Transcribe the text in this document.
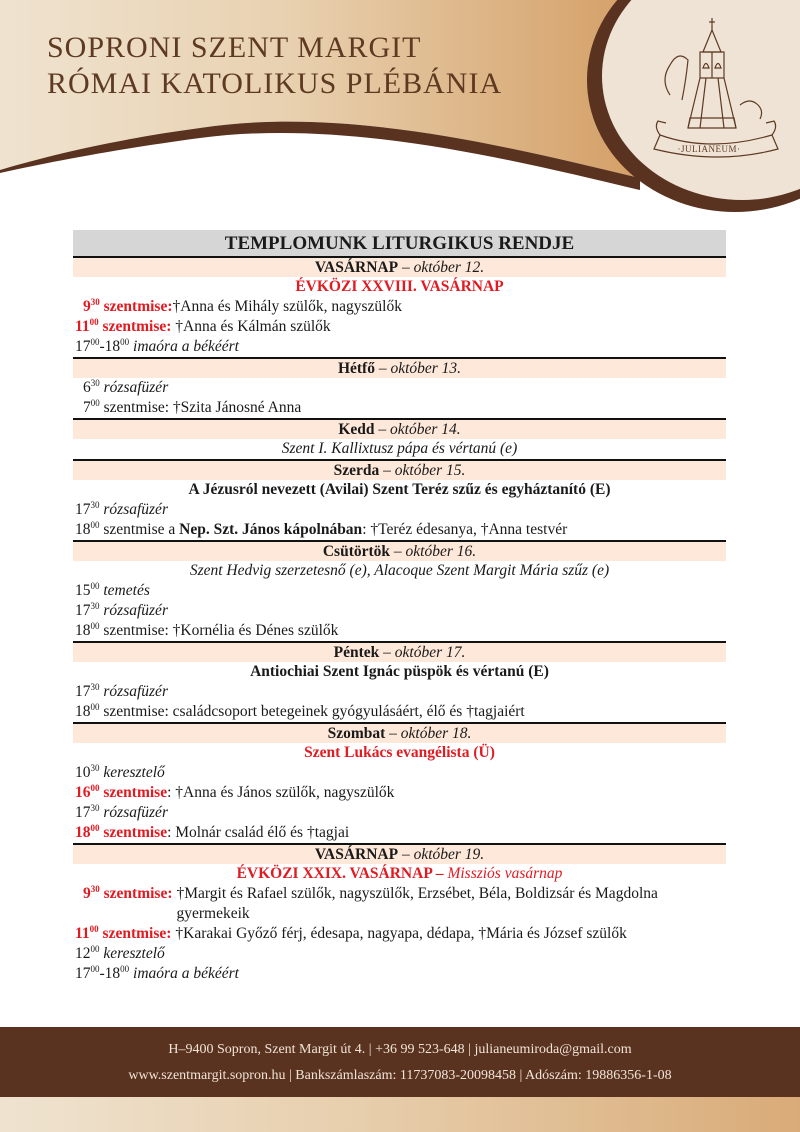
SOPRONI SZENT MARGIT
RÓMAI KATOLIKUS PLÉBÁNIA
·JULIANEUM·
TEMPLOMUNK LITURGIKUS RENDJE
VASÁRNAP – október 12.
ÉVKÖZI XXVIII. VASÁRNAP
$9^{30}$ szentmise: †Anna és Mihály szülők, nagyszülők
$11^{00}$ szentmise: †Anna és Kálmán szülők
$17^{00}-18^{00}$ imaóra a békéért
Hétfő – október 13.
$6^{30}$ rózsafüzér
$7^{00}$ szentmise: †Szita Jánosné Anna
Kedd – október 14.
Szent I. Kallixtusz pápa és vértanú (e)
Szerda – október 15.
A Jézusról nevezett (Avilai) Szent Teréz szűz és egyháztanító (E)
$17^{30}$ rózsafüzér
$18^{00}$ szentmise a Nep. Szt. János kápolnában: †Teréz édesanya, †Anna testvér
Csütörtök – október 16.
Szent Hedvig szerzetesnő (e), Alacoque Szent Margit Mária szűz (e)
$15^{00}$ temetés
$17^{30}$ rózsafüzér
$18^{00}$ szentmise: †Kornélia és Dénes szülők
Péntek – október 17.
Antiochiai Szent Ignác püspök és vértanú (E)
$17^{30}$ rózsafüzér
$18^{00}$ szentmise: családcsoport betegeinek gyógyulásáért, élő és †tagjaiért
Szombat – október 18.
Szent Lukács evangélista (Ü)
$10^{30}$ keresztelő
$16^{00}$ szentmise: †Anna és János szülők, nagyszülők
$17^{30}$ rózsafüzér
$18^{00}$ szentmise: Molnár család élő és †tagjai
VASÁRNAP – október 19.
ÉVKÖZI XXIX. VASÁRNAP – Missziós vasárnap
$9^{30}$ szentmise: †Margit és Rafael szülők, nagyszülők, Erzsébet, Béla, Boldizsár és Magdolna gyermekeik
$11^{00}$ szentmise: †Karakai Győző férj, édesapa, nagyapa, dédapa, †Mária és József szülők
$12^{00}$ keresztelő
$17^{00}-18^{00}$ imaóra a békéért
H–9400 Sopron, Szent Margit út 4. | +36 99 523-648 | julianeumiroda@gmail.com
www.szentmargit.sopron.hu | Bankszámlaszám: 11737083-20098458 | Adószám: 19886356-1-08
